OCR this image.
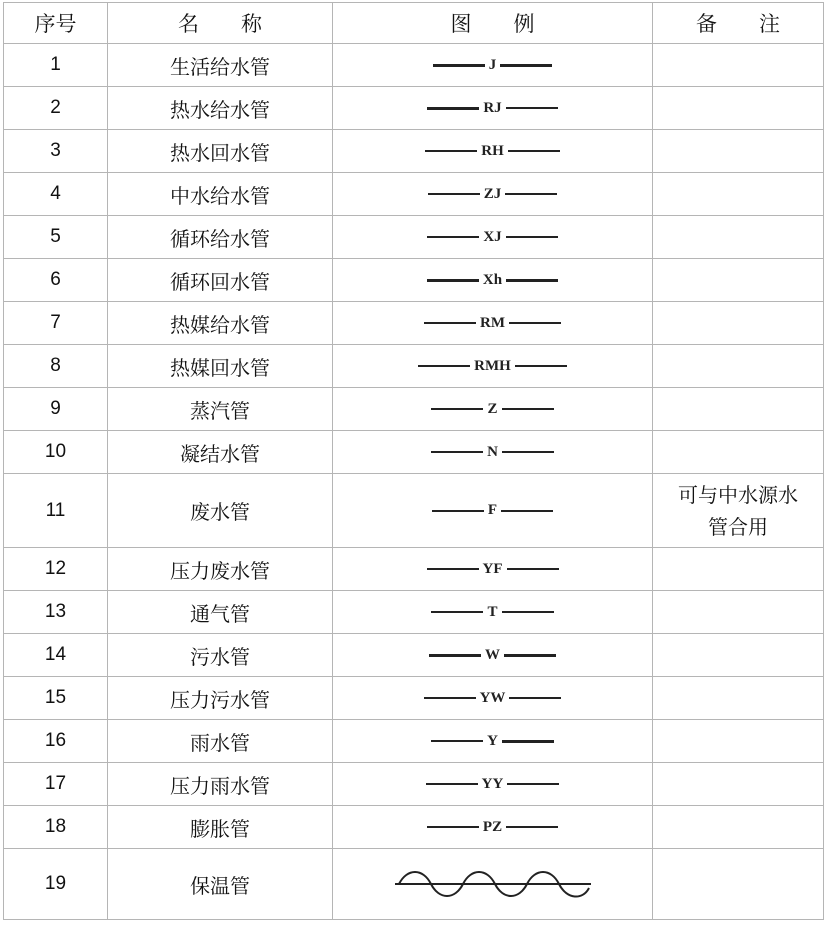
序号	名　　称	图　　例	备　　注
1	生活给水管	J	

2	热水给水管	RJ	

3	热水回水管	RH	

4	中水给水管	ZJ	

5	循环给水管	XJ	

6	循环回水管	Xh	

7	热媒给水管	RM	

8	热媒回水管	RMH	

9	蒸汽管	Z	

10	凝结水管	N	

11	废水管	F	可与中水源水
管合用

12	压力废水管	YF	

13	通气管	T	

14	污水管	W	

15	压力污水管	YW	

16	雨水管	Y	

17	压力雨水管	YY	

18	膨胀管	PZ	

19	保温管	
